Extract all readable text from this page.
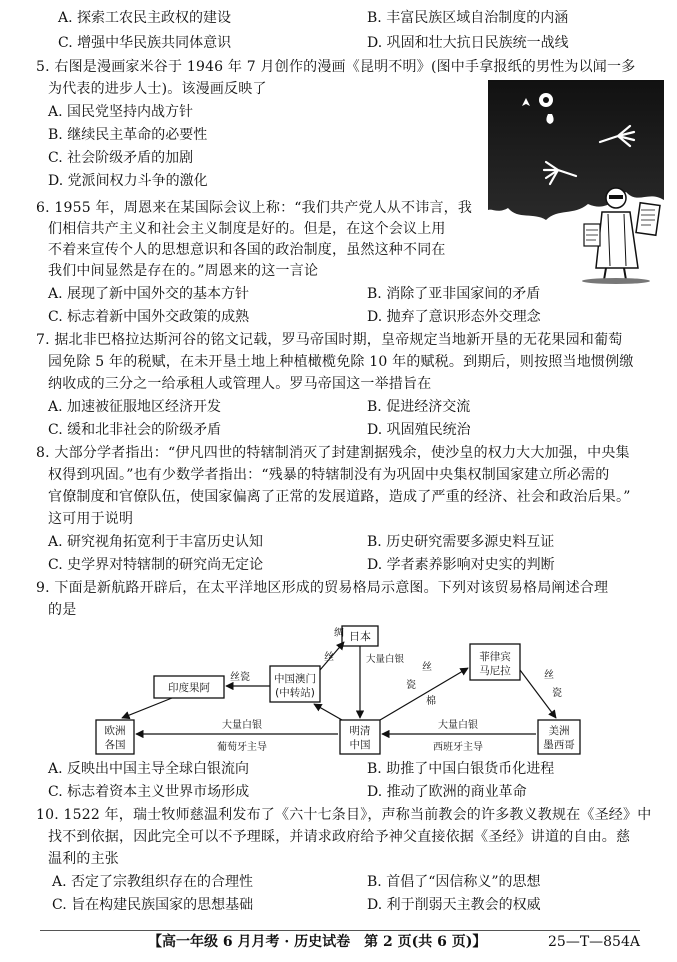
A. 探索工农民主政权的建设	B. 丰富民族区域自治制度的内涵
C. 增强中华民族共同体意识	D. 巩固和壮大抗日民族统一战线
5. 右图是漫画家米谷于 1946 年 7 月创作的漫画《昆明不明》(图中手拿报纸的男性为以闻一多
为代表的进步人士)。该漫画反映了
A. 国民党坚持内战方针
B. 继续民主革命的必要性
C. 社会阶级矛盾的加剧
D. 党派间权力斗争的激化
6. 1955 年，周恩来在某国际会议上称：“我们共产党人从不讳言，我
们相信共产主义和社会主义制度是好的。但是，在这个会议上用
不着来宣传个人的思想意识和各国的政治制度，虽然这种不同在
我们中间显然是存在的。”周恩来的这一言论
A. 展现了新中国外交的基本方针	B. 消除了亚非国家间的矛盾
C. 标志着新中国外交政策的成熟	D. 抛弃了意识形态外交理念
7. 据北非巴格拉达斯河谷的铭文记载，罗马帝国时期，皇帝规定当地新开垦的无花果园和葡萄
园免除 5 年的税赋，在未开垦土地上种植橄榄免除 10 年的赋税。到期后，则按照当地惯例缴
纳收成的三分之一给承租人或管理人。罗马帝国这一举措旨在
A. 加速被征服地区经济开发	B. 促进经济交流
C. 缓和北非社会的阶级矛盾	D. 巩固殖民统治
8. 大部分学者指出：“伊凡四世的特辖制消灭了封建割据残余，使沙皇的权力大大加强，中央集
权得到巩固。”也有少数学者指出：“残暴的特辖制没有为巩固中央集权制国家建立所必需的
官僚制度和官僚队伍，使国家偏离了正常的发展道路，造成了严重的经济、社会和政治后果。”
这可用于说明
A. 研究视角拓宽利于丰富历史认知	B. 历史研究需要多源史料互证
C. 史学界对特辖制的研究尚无定论	D. 学者素养影响对史实的判断
9. 下面是新航路开辟后，在太平洋地区形成的贸易格局示意图。下列对该贸易格局阐述合理
的是
日本
中国澳门
(中转站)
菲律宾
马尼拉
印度果阿
欧洲
各国
明清
中国
美洲
墨西哥
丝
绸
大量白银
丝瓷
大量白银
葡萄牙主导
丝
瓷
棉
丝
瓷
大量白银
西班牙主导
A. 反映出中国主导全球白银流向	B. 助推了中国白银货币化进程
C. 标志着资本主义世界市场形成	D. 推动了欧洲的商业革命
10. 1522 年，瑞士牧师慈温利发布了《六十七条目》，声称当前教会的许多教义教规在《圣经》中
找不到依据，因此完全可以不予理睬，并请求政府给予神父直接依据《圣经》讲道的自由。慈
温利的主张
A. 否定了宗教组织存在的合理性	B. 首倡了“因信称义”的思想
C. 旨在构建民族国家的思想基础	D. 利于削弱天主教会的权威
【高一年级 6 月月考 · 历史试卷　第 2 页(共 6 页)】	25—T—854A
